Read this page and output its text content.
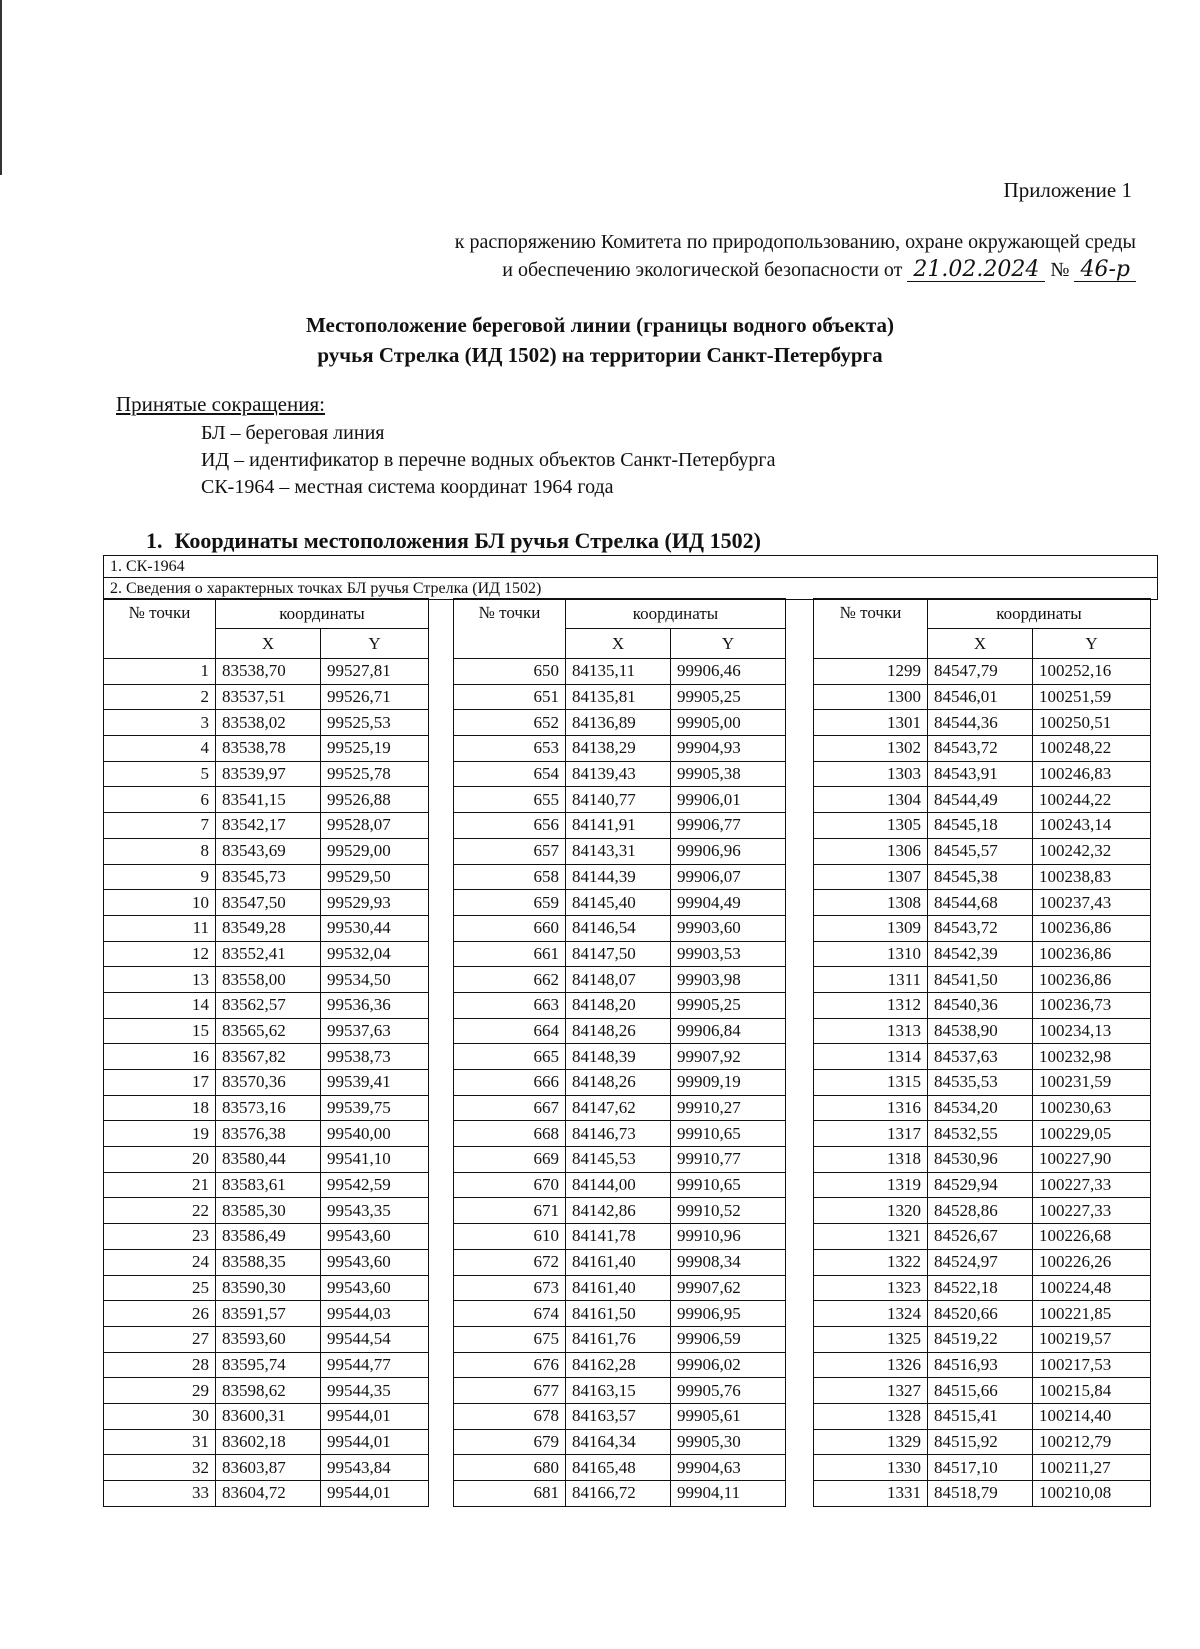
Приложение 1
к распоряжению Комитета по природопользованию, охране окружающей среды
и обеспечению экологической безопасности от 21.02.2024 № 46-р
Местоположение береговой линии (границы водного объекта)
ручья Стрелка (ИД 1502) на территории Санкт-Петербурга
Принятые сокращения:
БЛ – береговая линия
ИД – идентификатор в перечне водных объектов Санкт-Петербурга
СК-1964 – местная система координат 1964 года
1. Координаты местоположения БЛ ручья Стрелка (ИД 1502)
1. СК-1964
2. Сведения о характерных точках БЛ ручья Стрелка (ИД 1502)
№ точки	координаты	
	X	Y
1	83538,70	99527,81
2	83537,51	99526,71
3	83538,02	99525,53
4	83538,78	99525,19
5	83539,97	99525,78
6	83541,15	99526,88
7	83542,17	99528,07
8	83543,69	99529,00
9	83545,73	99529,50
10	83547,50	99529,93
11	83549,28	99530,44
12	83552,41	99532,04
13	83558,00	99534,50
14	83562,57	99536,36
15	83565,62	99537,63
16	83567,82	99538,73
17	83570,36	99539,41
18	83573,16	99539,75
19	83576,38	99540,00
20	83580,44	99541,10
21	83583,61	99542,59
22	83585,30	99543,35
23	83586,49	99543,60
24	83588,35	99543,60
25	83590,30	99543,60
26	83591,57	99544,03
27	83593,60	99544,54
28	83595,74	99544,77
29	83598,62	99544,35
30	83600,31	99544,01
31	83602,18	99544,01
32	83603,87	99543,84
33	83604,72	99544,01
№ точки	координаты	
	X	Y
650	84135,11	99906,46
651	84135,81	99905,25
652	84136,89	99905,00
653	84138,29	99904,93
654	84139,43	99905,38
655	84140,77	99906,01
656	84141,91	99906,77
657	84143,31	99906,96
658	84144,39	99906,07
659	84145,40	99904,49
660	84146,54	99903,60
661	84147,50	99903,53
662	84148,07	99903,98
663	84148,20	99905,25
664	84148,26	99906,84
665	84148,39	99907,92
666	84148,26	99909,19
667	84147,62	99910,27
668	84146,73	99910,65
669	84145,53	99910,77
670	84144,00	99910,65
671	84142,86	99910,52
610	84141,78	99910,96
672	84161,40	99908,34
673	84161,40	99907,62
674	84161,50	99906,95
675	84161,76	99906,59
676	84162,28	99906,02
677	84163,15	99905,76
678	84163,57	99905,61
679	84164,34	99905,30
680	84165,48	99904,63
681	84166,72	99904,11
№ точки	координаты	
	X	Y
1299	84547,79	100252,16
1300	84546,01	100251,59
1301	84544,36	100250,51
1302	84543,72	100248,22
1303	84543,91	100246,83
1304	84544,49	100244,22
1305	84545,18	100243,14
1306	84545,57	100242,32
1307	84545,38	100238,83
1308	84544,68	100237,43
1309	84543,72	100236,86
1310	84542,39	100236,86
1311	84541,50	100236,86
1312	84540,36	100236,73
1313	84538,90	100234,13
1314	84537,63	100232,98
1315	84535,53	100231,59
1316	84534,20	100230,63
1317	84532,55	100229,05
1318	84530,96	100227,90
1319	84529,94	100227,33
1320	84528,86	100227,33
1321	84526,67	100226,68
1322	84524,97	100226,26
1323	84522,18	100224,48
1324	84520,66	100221,85
1325	84519,22	100219,57
1326	84516,93	100217,53
1327	84515,66	100215,84
1328	84515,41	100214,40
1329	84515,92	100212,79
1330	84517,10	100211,27
1331	84518,79	100210,08
